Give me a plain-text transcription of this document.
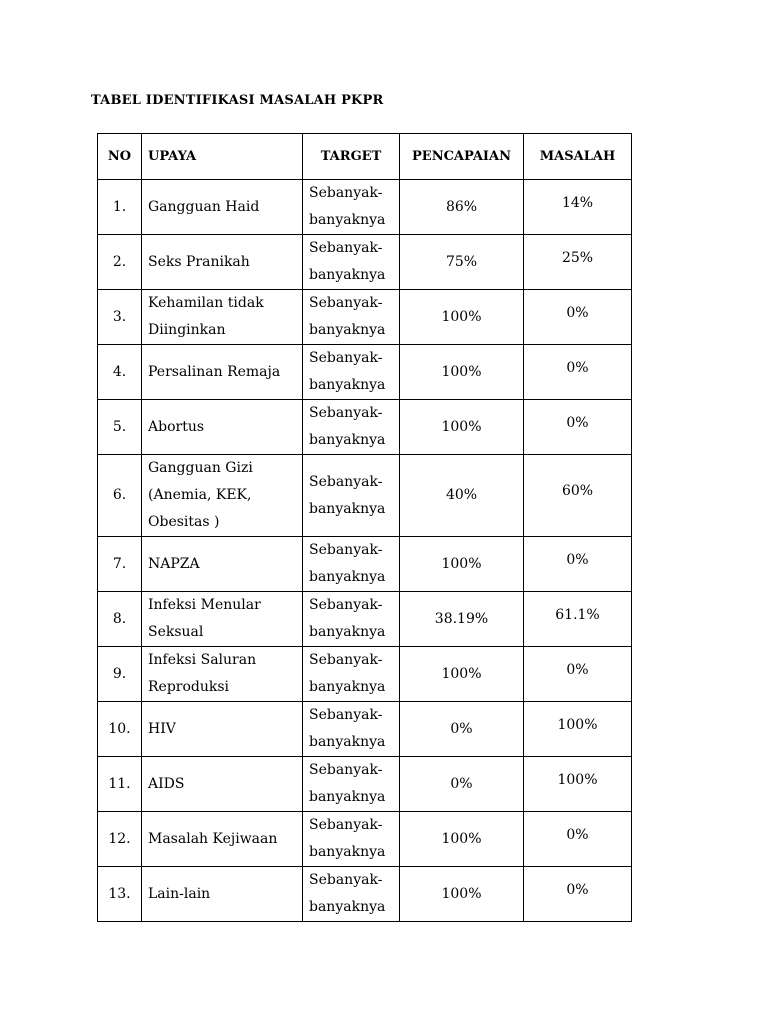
TABEL IDENTIFIKASI MASALAH PKPR
NO	UPAYA	TARGET	PENCAPAIAN	MASALAH
1.	Gangguan Haid	Sebanyak-banyaknya	86%	14%
2.	Seks Pranikah	Sebanyak-banyaknya	75%	25%
3.	Kehamilan tidak Diinginkan	Sebanyak-banyaknya	100%	0%
4.	Persalinan Remaja	Sebanyak-banyaknya	100%	0%
5.	Abortus	Sebanyak-banyaknya	100%	0%
6.	Gangguan Gizi (Anemia, KEK, Obesitas )	Sebanyak-banyaknya	40%	60%
7.	NAPZA	Sebanyak-banyaknya	100%	0%
8.	Infeksi Menular Seksual	Sebanyak-banyaknya	38.19%	61.1%
9.	Infeksi Saluran Reproduksi	Sebanyak-banyaknya	100%	0%
10.	HIV	Sebanyak-banyaknya	0%	100%
11.	AIDS	Sebanyak-banyaknya	0%	100%
12.	Masalah Kejiwaan	Sebanyak-banyaknya	100%	0%
13.	Lain-lain	Sebanyak-banyaknya	100%	0%
